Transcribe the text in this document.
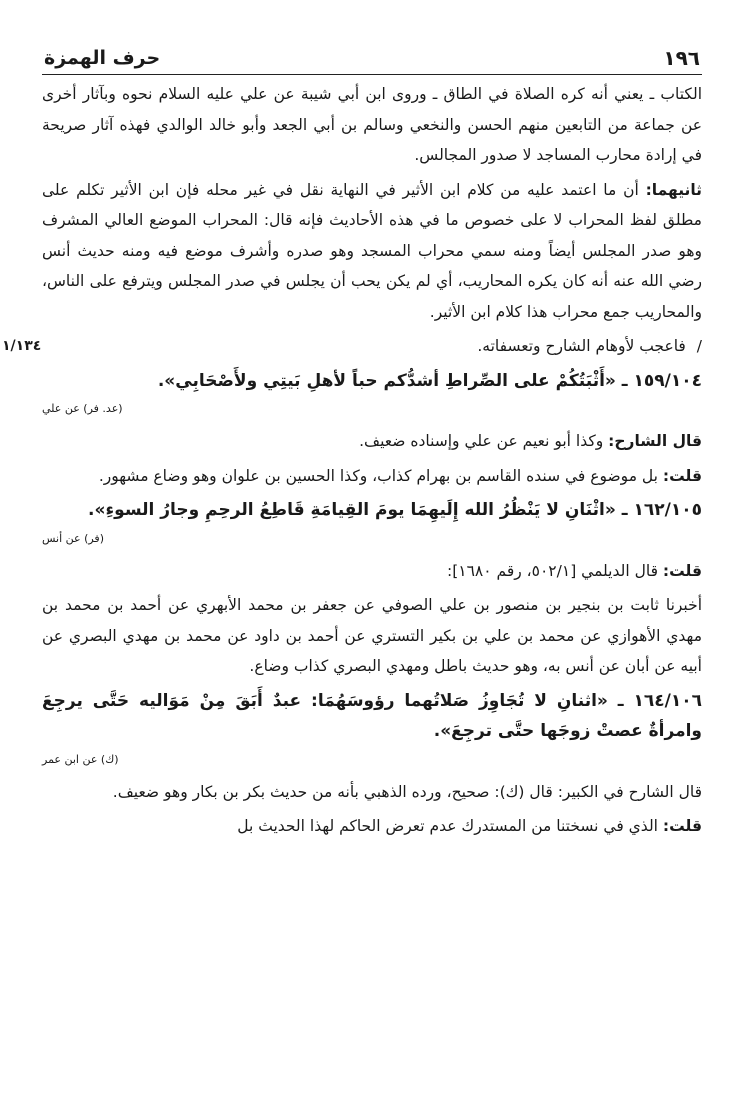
١٩٦
حرف الهمزة

الكتاب ـ يعني أنه كره الصلاة في الطاق ـ وروى ابن أبي شيبة عن علي عليه السلام نحوه وبآثار أخرى عن جماعة من التابعين منهم الحسن والنخعي وسالم بن أبي الجعد وأبو خالد الوالدي فهذه آثار صريحة في إرادة محارب المساجد لا صدور المجالس.

ثانيهما: أن ما اعتمد عليه من كلام ابن الأثير في النهاية نقل في غير محله فإن ابن الأثير تكلم على مطلق لفظ المحراب لا على خصوص ما في هذه الأحاديث فإنه قال: المحراب الموضع العالي المشرف وهو صدر المجلس أيضاً ومنه سمي محراب المسجد وهو صدره وأشرف موضع فيه ومنه حديث أنس رضي الله عنه أنه كان يكره المحاريب، أي لم يكن يحب أن يجلس في صدر المجلس ويترفع على الناس، والمحاريب جمع محراب هذا كلام ابن الأثير.

١/١٣٤	/ فاعجب لأوهام الشارح وتعسفاته.

١٥٩/١٠٤ ـ «أَثْبَتُكُمْ على الصِّراطِ أشدُّكم حباً لأهلِ بَيتِي ولأَصْحَابِي».

(عد. فر) عن علي

قال الشارح: وكذا أبو نعيم عن علي وإسناده ضعيف.

قلت: بل موضوع في سنده القاسم بن بهرام كذاب، وكذا الحسين بن علوان وهو وضاع مشهور.

١٦٢/١٠٥ ـ «اثْنَانِ لا يَنْظُرُ الله إِلَيهِمَا يومَ القِيامَةِ قَاطِعُ الرحِمِ وجارُ السوءِ».

(فر) عن أنس

قلت: قال الديلمي [٥٠٢/١، رقم ١٦٨٠]:

أخبرنا ثابت بن بنجير بن منصور بن علي الصوفي عن جعفر بن محمد الأبهري عن أحمد بن محمد بن مهدي الأهوازي عن محمد بن علي بن بكير التستري عن أحمد بن داود عن محمد بن مهدي البصري عن أبيه عن أبان عن أنس به، وهو حديث باطل ومهدي البصري كذاب وضاع.

١٦٤/١٠٦ ـ «اثنانِ لا تُجَاوِزُ صَلاتُهما رؤوسَهُمَا: عبدٌ أَبَقَ مِنْ مَوَاليه حَتَّى يرجِعَ وامرأةٌ عصتْ زوجَها حتَّى ترجِعَ».

(ك) عن ابن عمر

قال الشارح في الكبير: قال (ك): صحيح، ورده الذهبي بأنه من حديث بكر بن بكار وهو ضعيف.

قلت: الذي في نسختنا من المستدرك عدم تعرض الحاكم لهذا الحديث بل
